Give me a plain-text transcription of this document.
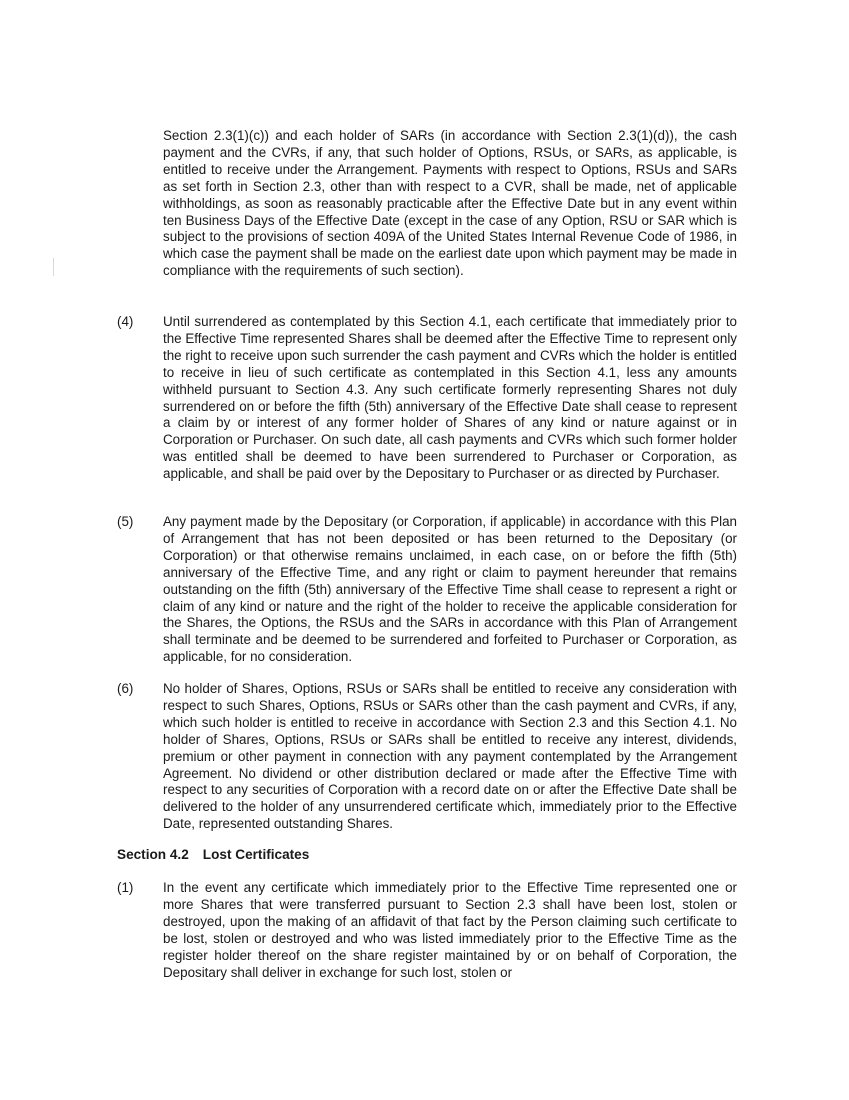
Section 2.3(1)(c)) and each holder of SARs (in accordance with Section 2.3(1)(d)), the cash payment and the CVRs, if any, that such holder of Options, RSUs, or SARs, as applicable, is entitled to receive under the Arrangement. Payments with respect to Options, RSUs and SARs as set forth in Section 2.3, other than with respect to a CVR, shall be made, net of applicable withholdings, as soon as reasonably practicable after the Effective Date but in any event within ten Business Days of the Effective Date (except in the case of any Option, RSU or SAR which is subject to the provisions of section 409A of the United States Internal Revenue Code of 1986, in which case the payment shall be made on the earliest date upon which payment may be made in compliance with the requirements of such section).

(4) Until surrendered as contemplated by this Section 4.1, each certificate that immediately prior to the Effective Time represented Shares shall be deemed after the Effective Time to represent only the right to receive upon such surrender the cash payment and CVRs which the holder is entitled to receive in lieu of such certificate as contemplated in this Section 4.1, less any amounts withheld pursuant to Section 4.3. Any such certificate formerly representing Shares not duly surrendered on or before the fifth (5th) anniversary of the Effective Date shall cease to represent a claim by or interest of any former holder of Shares of any kind or nature against or in Corporation or Purchaser. On such date, all cash payments and CVRs which such former holder was entitled shall be deemed to have been surrendered to Purchaser or Corporation, as applicable, and shall be paid over by the Depositary to Purchaser or as directed by Purchaser.

(5) Any payment made by the Depositary (or Corporation, if applicable) in accordance with this Plan of Arrangement that has not been deposited or has been returned to the Depositary (or Corporation) or that otherwise remains unclaimed, in each case, on or before the fifth (5th) anniversary of the Effective Time, and any right or claim to payment hereunder that remains outstanding on the fifth (5th) anniversary of the Effective Time shall cease to represent a right or claim of any kind or nature and the right of the holder to receive the applicable consideration for the Shares, the Options, the RSUs and the SARs in accordance with this Plan of Arrangement shall terminate and be deemed to be surrendered and forfeited to Purchaser or Corporation, as applicable, for no consideration.

(6) No holder of Shares, Options, RSUs or SARs shall be entitled to receive any consideration with respect to such Shares, Options, RSUs or SARs other than the cash payment and CVRs, if any, which such holder is entitled to receive in accordance with Section 2.3 and this Section 4.1. No holder of Shares, Options, RSUs or SARs shall be entitled to receive any interest, dividends, premium or other payment in connection with any payment contemplated by the Arrangement Agreement. No dividend or other distribution declared or made after the Effective Time with respect to any securities of Corporation with a record date on or after the Effective Date shall be delivered to the holder of any unsurrendered certificate which, immediately prior to the Effective Date, represented outstanding Shares.

Section 4.2 Lost Certificates

(1) In the event any certificate which immediately prior to the Effective Time represented one or more Shares that were transferred pursuant to Section 2.3 shall have been lost, stolen or destroyed, upon the making of an affidavit of that fact by the Person claiming such certificate to be lost, stolen or destroyed and who was listed immediately prior to the Effective Time as the register holder thereof on the share register maintained by or on behalf of Corporation, the Depositary shall deliver in exchange for such lost, stolen or
